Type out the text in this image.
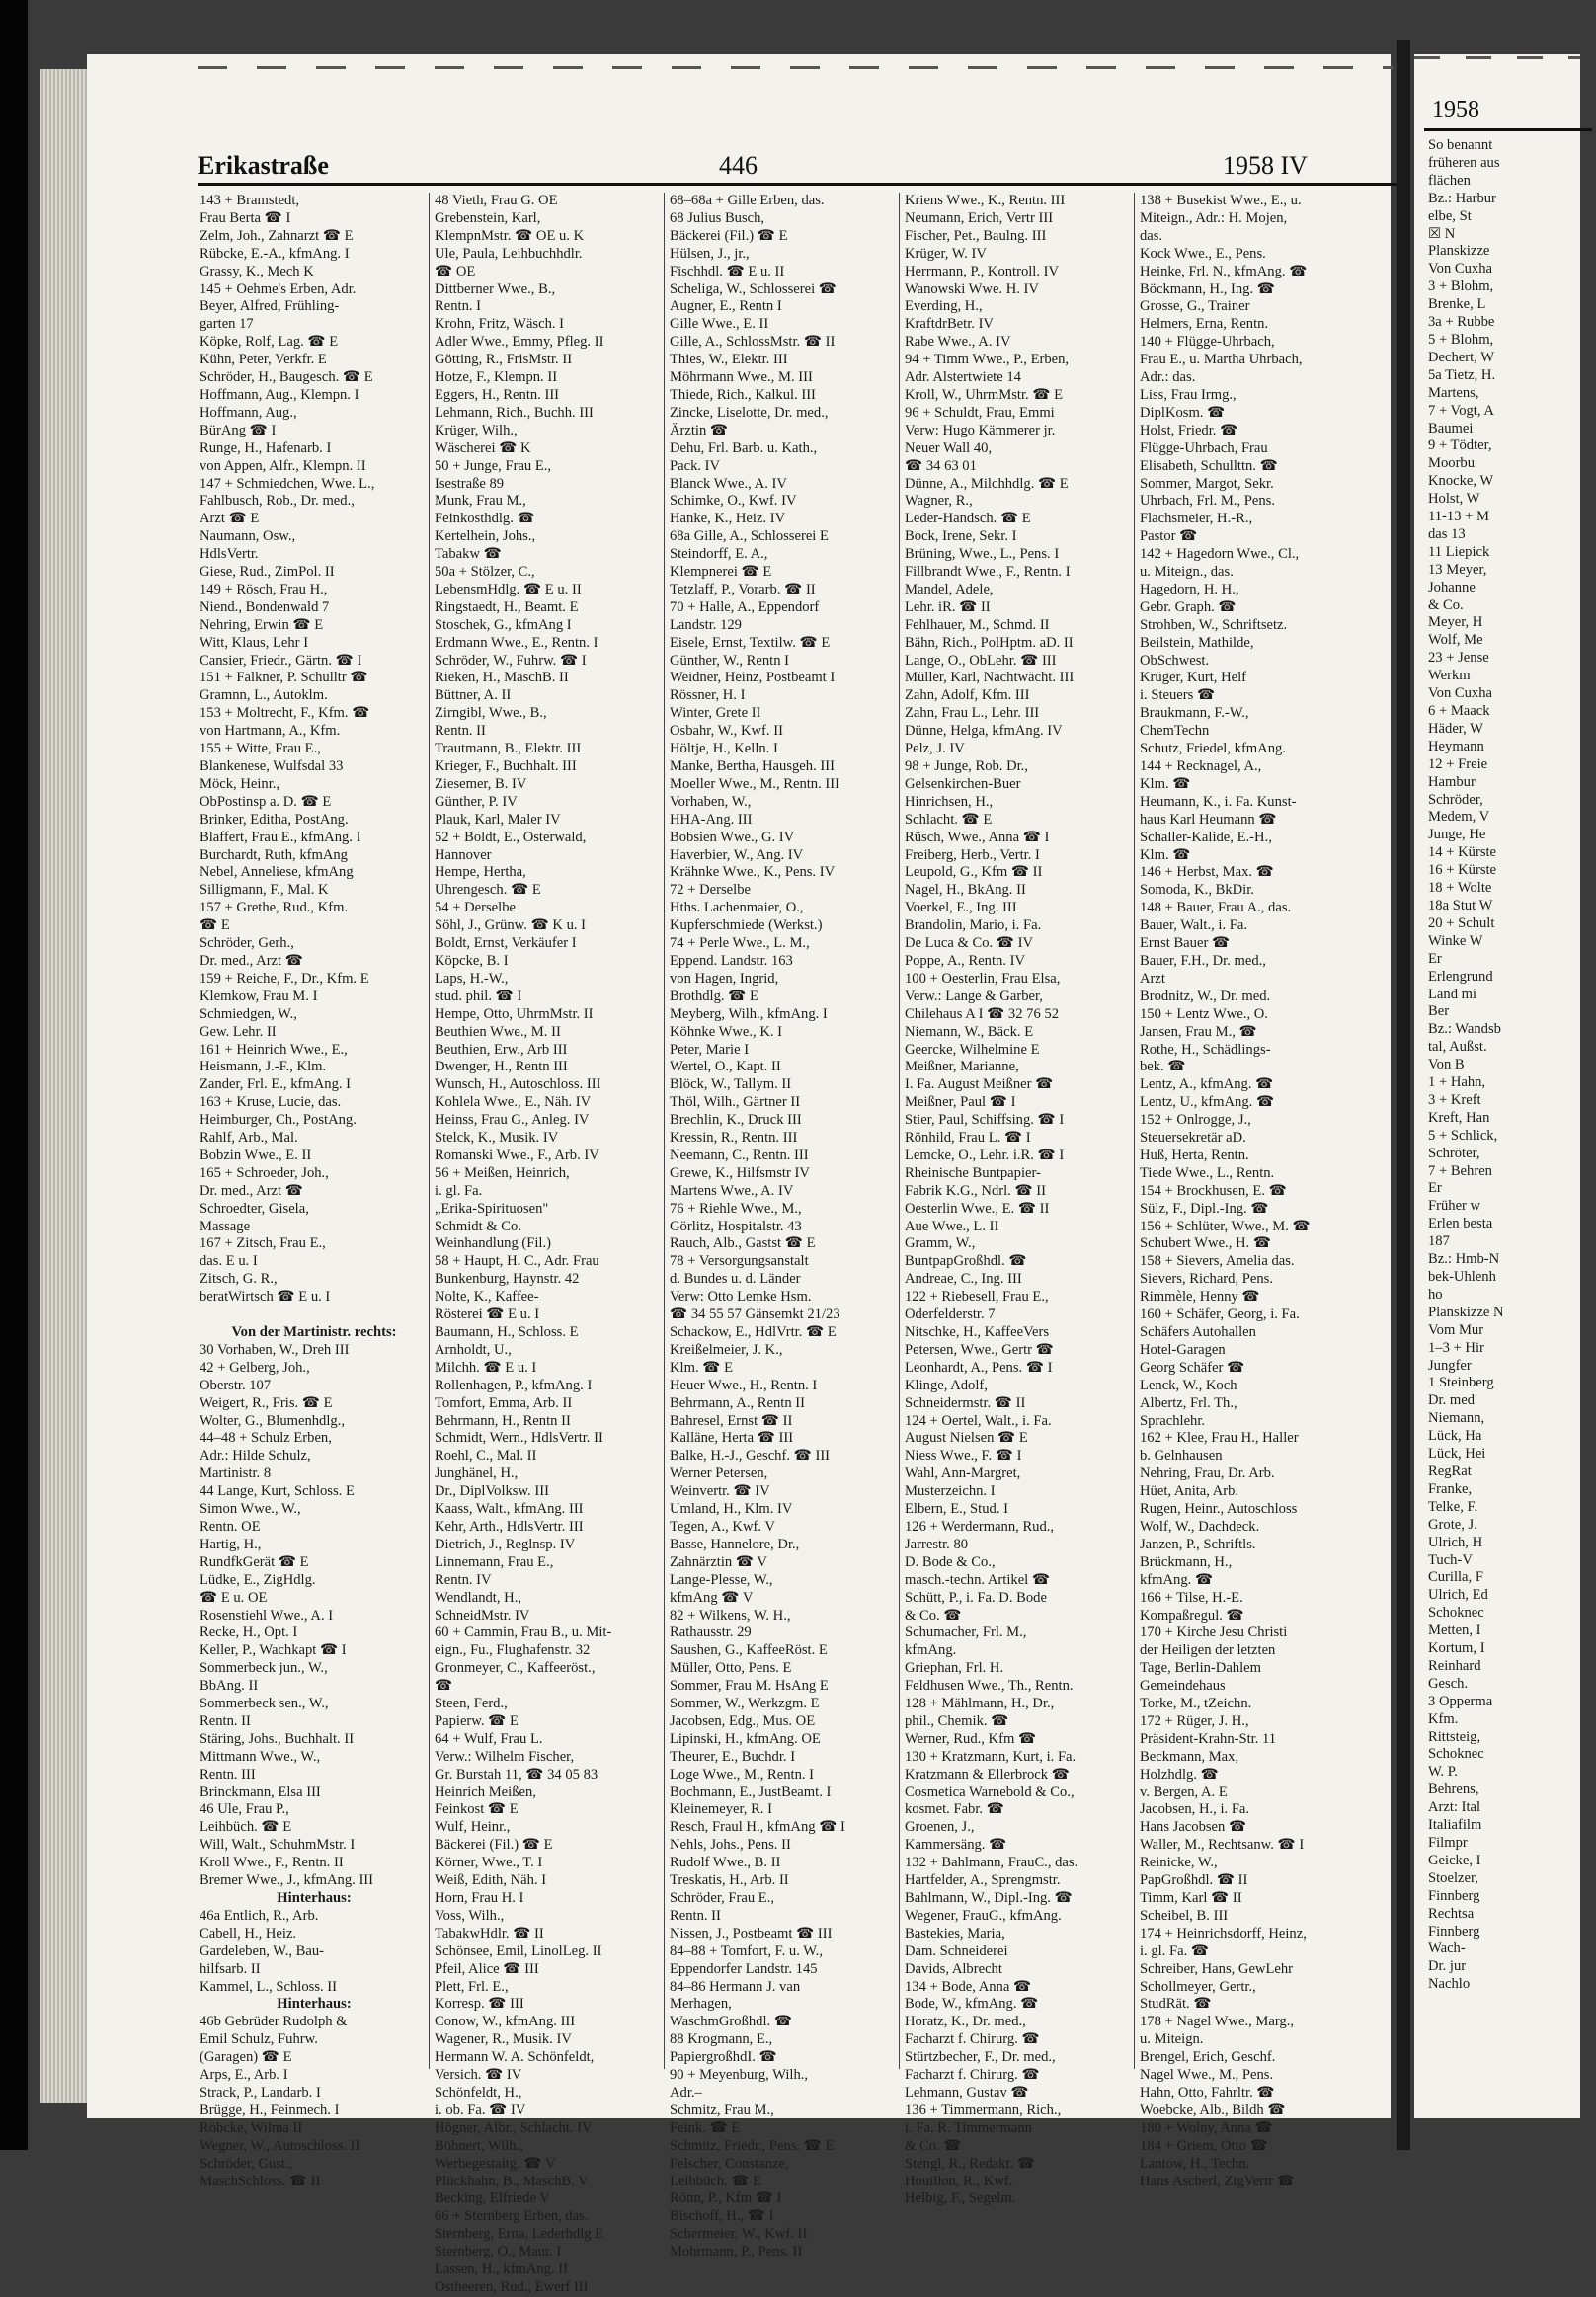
Erikastraße	446	1958 IV
143 + Bramstedt,
Frau Berta ☎ I
Zelm, Joh., Zahnarzt ☎ E
Rübcke, E.-A., kfmAng. I
Grassy, K., Mech K
145 + Oehme's Erben, Adr.
Beyer, Alfred, Frühling-
garten 17
Köpke, Rolf, Lag. ☎ E
Kühn, Peter, Verkfr. E
Schröder, H., Baugesch. ☎ E
Hoffmann, Aug., Klempn. I
Hoffmann, Aug.,
BürAng ☎ I
Runge, H., Hafenarb. I
von Appen, Alfr., Klempn. II
147 + Schmiedchen, Wwe. L.,
Fahlbusch, Rob., Dr. med.,
Arzt ☎ E
Naumann, Osw.,
HdlsVertr.
Giese, Rud., ZimPol. II
149 + Rösch, Frau H.,
Niend., Bondenwald 7
Nehring, Erwin ☎ E
Witt, Klaus, Lehr I
Cansier, Friedr., Gärtn. ☎ I
151 + Falkner, P. Schulltr ☎
Gramnn, L., Autoklm.
153 + Moltrecht, F., Kfm. ☎
von Hartmann, A., Kfm.
155 + Witte, Frau E.,
Blankenese, Wulfsdal 33
Möck, Heinr.,
ObPostinsp a. D. ☎ E
Brinker, Editha, PostAng.
Blaffert, Frau E., kfmAng. I
Burchardt, Ruth, kfmAng
Nebel, Anneliese, kfmAng
Silligmann, F., Mal. K
157 + Grethe, Rud., Kfm.
☎ E
Schröder, Gerh.,
Dr. med., Arzt ☎
159 + Reiche, F., Dr., Kfm. E
Klemkow, Frau M. I
Schmiedgen, W.,
Gew. Lehr. II
161 + Heinrich Wwe., E.,
Heismann, J.-F., Klm.
Zander, Frl. E., kfmAng. I
163 + Kruse, Lucie, das.
Heimburger, Ch., PostAng.
Rahlf, Arb., Mal.
Bobzin Wwe., E. II
165 + Schroeder, Joh.,
Dr. med., Arzt ☎
Schroedter, Gisela,
Massage
167 + Zitsch, Frau E.,
das. E u. I
Zitsch, G. R.,
beratWirtsch ☎ E u. I

Von der Martinistr. rechts:
30 Vorhaben, W., Dreh III
42 + Gelberg, Joh.,
Oberstr. 107
Weigert, R., Fris. ☎ E
Wolter, G., Blumenhdlg.,
44–48 + Schulz Erben,
Adr.: Hilde Schulz,
Martinistr. 8
44 Lange, Kurt, Schloss. E
Simon Wwe., W.,
Rentn. OE
Hartig, H.,
RundfkGerät ☎ E
Lüdke, E., ZigHdlg.
☎ E u. OE
Rosenstiehl Wwe., A. I
Recke, H., Opt. I
Keller, P., Wachkapt ☎ I
Sommerbeck jun., W.,
BbAng. II
Sommerbeck sen., W.,
Rentn. II
Stäring, Johs., Buchhalt. II
Mittmann Wwe., W.,
Rentn. III
Brinckmann, Elsa III
46 Ule, Frau P.,
Leihbüch. ☎ E
Will, Walt., SchuhmMstr. I
Kroll Wwe., F., Rentn. II
Bremer Wwe., J., kfmAng. III
Hinterhaus:
46a Entlich, R., Arb.
Cabell, H., Heiz.
Gardeleben, W., Bau-
hilfsarb. II
Kammel, L., Schloss. II
Hinterhaus:
46b Gebrüder Rudolph &
Emil Schulz, Fuhrw.
(Garagen) ☎ E
Arps, E., Arb. I
Strack, P., Landarb. I
Brügge, H., Feinmech. I
Röbcke, Wilma II
Wegner, W., Autoschloss. II
Schröder, Gust.,
MaschSchloss. ☎ II
48 Vieth, Frau G. OE
Grebenstein, Karl,
KlempnMstr. ☎ OE u. K
Ule, Paula, Leihbuchhdlr.
☎ OE
Dittberner Wwe., B.,
Rentn. I
Krohn, Fritz, Wäsch. I
Adler Wwe., Emmy, Pfleg. II
Götting, R., FrisMstr. II
Hotze, F., Klempn. II
Eggers, H., Rentn. III
Lehmann, Rich., Buchh. III
Krüger, Wilh.,
Wäscherei ☎ K
50 + Junge, Frau E.,
Isestraße 89
Munk, Frau M.,
Feinkosthdlg. ☎
Kertelhein, Johs.,
Tabakw ☎
50a + Stölzer, C.,
LebensmHdlg. ☎ E u. II
Ringstaedt, H., Beamt. E
Stoschek, G., kfmAng I
Erdmann Wwe., E., Rentn. I
Schröder, W., Fuhrw. ☎ I
Rieken, H., MaschB. II
Büttner, A. II
Zirngibl, Wwe., B.,
Rentn. II
Trautmann, B., Elektr. III
Krieger, F., Buchhalt. III
Ziesemer, B. IV
Günther, P. IV
Plauk, Karl, Maler IV
52 + Boldt, E., Osterwald,
Hannover
Hempe, Hertha,
Uhrengesch. ☎ E
54 + Derselbe
Söhl, J., Grünw. ☎ K u. I
Boldt, Ernst, Verkäufer I
Köpcke, B. I
Laps, H.-W.,
stud. phil. ☎ I
Hempe, Otto, UhrmMstr. II
Beuthien Wwe., M. II
Beuthien, Erw., Arb III
Dwenger, H., Rentn III
Wunsch, H., Autoschloss. III
Kohlela Wwe., E., Näh. IV
Heinss, Frau G., Anleg. IV
Stelck, K., Musik. IV
Romanski Wwe., F., Arb. IV
56 + Meißen, Heinrich,
i. gl. Fa.
„Erika-Spirituosen"
Schmidt & Co.
Weinhandlung (Fil.)
58 + Haupt, H. C., Adr. Frau
Bunkenburg, Haynstr. 42
Nolte, K., Kaffee-
Rösterei ☎ E u. I
Baumann, H., Schloss. E
Arnholdt, U.,
Milchh. ☎ E u. I
Rollenhagen, P., kfmAng. I
Tomfort, Emma, Arb. II
Behrmann, H., Rentn II
Schmidt, Wern., HdlsVertr. II
Roehl, C., Mal. II
Junghänel, H.,
Dr., DiplVolksw. III
Kaass, Walt., kfmAng. III
Kehr, Arth., HdlsVertr. III
Dietrich, J., Reglnsp. IV
Linnemann, Frau E.,
Rentn. IV
Wendlandt, H.,
SchneidMstr. IV
60 + Cammin, Frau B., u. Mit-
eign., Fu., Flughafenstr. 32
Gronmeyer, C., Kaffeeröst.,
☎
Steen, Ferd.,
Papierw. ☎ E
64 + Wulf, Frau L.
Verw.: Wilhelm Fischer,
Gr. Burstah 11, ☎ 34 05 83
Heinrich Meißen,
Feinkost ☎ E
Wulf, Heinr.,
Bäckerei (Fil.) ☎ E
Körner, Wwe., T. I
Weiß, Edith, Näh. I
Horn, Frau H. I
Voss, Wilh.,
TabakwHdlr. ☎ II
Schönsee, Emil, LinolLeg. II
Pfeil, Alice ☎ III
Plett, Frl. E.,
Korresp. ☎ III
Conow, W., kfmAng. III
Wagener, R., Musik. IV
Hermann W. A. Schönfeldt,
Versich. ☎ IV
Schönfeldt, H.,
i. ob. Fa. ☎ IV
Högner, Albr., Schlacht. IV
Böhnert, Wilh.,
Werbegestaltg. ☎ V
Plückhahn, B., MaschB. V
Becking, Elfriede V
66 + Sternberg Erben, das.
Sternberg, Erna, Lederhdlg E
Sternberg, O., Maur. I
Lassen, H., kfmAng. II
Ostheeren, Rud., Ewerf III
68–68a + Gille Erben, das.
68 Julius Busch,
Bäckerei (Fil.) ☎ E
Hülsen, J., jr.,
Fischhdl. ☎ E u. II
Scheliga, W., Schlosserei ☎
Augner, E., Rentn I
Gille Wwe., E. II
Gille, A., SchlossMstr. ☎ II
Thies, W., Elektr. III
Möhrmann Wwe., M. III
Thiede, Rich., Kalkul. III
Zincke, Liselotte, Dr. med.,
Ärztin ☎
Dehu, Frl. Barb. u. Kath.,
Pack. IV
Blanck Wwe., A. IV
Schimke, O., Kwf. IV
Hanke, K., Heiz. IV
68a Gille, A., Schlosserei E
Steindorff, E. A.,
Klempnerei ☎ E
Tetzlaff, P., Vorarb. ☎ II
70 + Halle, A., Eppendorf
Landstr. 129
Eisele, Ernst, Textilw. ☎ E
Günther, W., Rentn I
Weidner, Heinz, Postbeamt I
Rössner, H. I
Winter, Grete II
Osbahr, W., Kwf. II
Höltje, H., Kelln. I
Manke, Bertha, Hausgeh. III
Moeller Wwe., M., Rentn. III
Vorhaben, W.,
HHA-Ang. III
Bobsien Wwe., G. IV
Haverbier, W., Ang. IV
Krähnke Wwe., K., Pens. IV
72 + Derselbe
Hths. Lachenmaier, O.,
Kupferschmiede (Werkst.)
74 + Perle Wwe., L. M.,
Eppend. Landstr. 163
von Hagen, Ingrid,
Brothdlg. ☎ E
Meyberg, Wilh., kfmAng. I
Köhnke Wwe., K. I
Peter, Marie I
Wertel, O., Kapt. II
Blöck, W., Tallym. II
Thöl, Wilh., Gärtner II
Brechlin, K., Druck III
Kressin, R., Rentn. III
Neemann, C., Rentn. III
Grewe, K., Hilfsmstr IV
Martens Wwe., A. IV
76 + Riehle Wwe., M.,
Görlitz, Hospitalstr. 43
Rauch, Alb., Gastst ☎ E
78 + Versorgungsanstalt
d. Bundes u. d. Länder
Verw: Otto Lemke Hsm.
☎ 34 55 57 Gänsemkt 21/23
Schackow, E., HdlVrtr. ☎ E
Kreißelmeier, J. K.,
Klm. ☎ E
Heuer Wwe., H., Rentn. I
Behrmann, A., Rentn II
Bahresel, Ernst ☎ II
Kalläne, Herta ☎ III
Balke, H.-J., Geschf. ☎ III
Werner Petersen,
Weinvertr. ☎ IV
Umland, H., Klm. IV
Tegen, A., Kwf. V
Basse, Hannelore, Dr.,
Zahnärztin ☎ V
Lange-Plesse, W.,
kfmAng ☎ V
82 + Wilkens, W. H.,
Rathausstr. 29
Saushen, G., KaffeeRöst. E
Müller, Otto, Pens. E
Sommer, Frau M. HsAng E
Sommer, W., Werkzgm. E
Jacobsen, Edg., Mus. OE
Lipinski, H., kfmAng. OE
Theurer, E., Buchdr. I
Loge Wwe., M., Rentn. I
Bochmann, E., JustBeamt. I
Kleinemeyer, R. I
Resch, Fraul H., kfmAng ☎ I
Nehls, Johs., Pens. II
Rudolf Wwe., B. II
Treskatis, H., Arb. II
Schröder, Frau E.,
Rentn. II
Nissen, J., Postbeamt ☎ III
84–88 + Tomfort, F. u. W.,
Eppendorfer Landstr. 145
84–86 Hermann J. van
Merhagen,
WaschmGroßhdl. ☎
88 Krogmann, E.,
PapiergroßhdI. ☎
90 + Meyenburg, Wilh.,
Adr.–
Schmitz, Frau M.,
Feink. ☎ E
Schmitz, Friedr., Pens. ☎ E
Felscher, Constanze,
Leihbüch. ☎ E
Rönn, P., Kfm ☎ I
Bischoff, H., ☎ I
Schermeier, W., Kwf. II
Mohrmann, P., Pens. II
Kriens Wwe., K., Rentn. III
Neumann, Erich, Vertr III
Fischer, Pet., Baulng. III
Krüger, W. IV
Herrmann, P., Kontroll. IV
Wanowski Wwe. H. IV
Everding, H.,
KraftdrBetr. IV
Rabe Wwe., A. IV
94 + Timm Wwe., P., Erben,
Adr. Alstertwiete 14
Kroll, W., UhrmMstr. ☎ E
96 + Schuldt, Frau, Emmi
Verw: Hugo Kämmerer jr.
Neuer Wall 40,
☎ 34 63 01
Dünne, A., Milchhdlg. ☎ E
Wagner, R.,
Leder-Handsch. ☎ E
Bock, Irene, Sekr. I
Brüning, Wwe., L., Pens. I
Fillbrandt Wwe., F., Rentn. I
Mandel, Adele,
Lehr. iR. ☎ II
Fehlhauer, M., Schmd. II
Bähn, Rich., PolHptm. aD. II
Lange, O., ObLehr. ☎ III
Müller, Karl, Nachtwächt. III
Zahn, Adolf, Kfm. III
Zahn, Frau L., Lehr. III
Dünne, Helga, kfmAng. IV
Pelz, J. IV
98 + Junge, Rob. Dr.,
Gelsenkirchen-Buer
Hinrichsen, H.,
Schlacht. ☎ E
Rüsch, Wwe., Anna ☎ I
Freiberg, Herb., Vertr. I
Leupold, G., Kfm ☎ II
Nagel, H., BkAng. II
Voerkel, E., Ing. III
Brandolin, Mario, i. Fa.
De Luca & Co. ☎ IV
Poppe, A., Rentn. IV
100 + Oesterlin, Frau Elsa,
Verw.: Lange & Garber,
Chilehaus A I ☎ 32 76 52
Niemann, W., Bäck. E
Geercke, Wilhelmine E
Meißner, Marianne,
I. Fa. August Meißner ☎
Meißner, Paul ☎ I
Stier, Paul, Schiffsing. ☎ I
Rönhild, Frau L. ☎ I
Lemcke, O., Lehr. i.R. ☎ I
Rheinische Buntpapier-
Fabrik K.G., Ndrl. ☎ II
Oesterlin Wwe., E. ☎ II
Aue Wwe., L. II
Gramm, W.,
BuntpapGroßhdl. ☎
Andreae, C., Ing. III
122 + Riebesell, Frau E.,
Oderfelderstr. 7
Nitschke, H., KaffeeVers
Petersen, Wwe., Gertr ☎
Leonhardt, A., Pens. ☎ I
Klinge, Adolf,
Schneidermstr. ☎ II
124 + Oertel, Walt., i. Fa.
August Nielsen ☎ E
Niess Wwe., F. ☎ I
Wahl, Ann-Margret,
Musterzeichn. I
Elbern, E., Stud. I
126 + Werdermann, Rud.,
Jarrestr. 80
D. Bode & Co.,
masch.-techn. Artikel ☎
Schütt, P., i. Fa. D. Bode
& Co. ☎
Schumacher, Frl. M.,
kfmAng.
Griephan, Frl. H.
Feldhusen Wwe., Th., Rentn.
128 + Mählmann, H., Dr.,
phil., Chemik. ☎
Werner, Rud., Kfm ☎
130 + Kratzmann, Kurt, i. Fa.
Kratzmann & Ellerbrock ☎
Cosmetica Warnebold & Co.,
kosmet. Fabr. ☎
Groenen, J.,
Kammersäng. ☎
132 + Bahlmann, FrauC., das.
Hartfelder, A., Sprengmstr.
Bahlmann, W., Dipl.-Ing. ☎
Wegener, FrauG., kfmAng.
Bastekies, Maria,
Dam. Schneiderei
Davids, Albrecht
134 + Bode, Anna ☎
Bode, W., kfmAng. ☎
Horatz, K., Dr. med.,
Facharzt f. Chirurg. ☎
Stürtzbecher, F., Dr. med.,
Facharzt f. Chirurg. ☎
Lehmann, Gustav ☎
136 + Timmermann, Rich.,
i. Fa. R. Timmermann
& Co. ☎
Stengl, R., Redakt. ☎
Houillon, R., Kwf.
Helbig, F., Segelm.
138 + Busekist Wwe., E., u.
Miteign., Adr.: H. Mojen,
das.
Kock Wwe., E., Pens.
Heinke, Frl. N., kfmAng. ☎
Böckmann, H., Ing. ☎
Grosse, G., Trainer
Helmers, Erna, Rentn.
140 + Flügge-Uhrbach,
Frau E., u. Martha Uhrbach,
Adr.: das.
Liss, Frau Irmg.,
DiplKosm. ☎
Holst, Friedr. ☎
Flügge-Uhrbach, Frau
Elisabeth, Schullttn. ☎
Sommer, Margot, Sekr.
Uhrbach, Frl. M., Pens.
Flachsmeier, H.-R.,
Pastor ☎
142 + Hagedorn Wwe., Cl.,
u. Miteign., das.
Hagedorn, H. H.,
Gebr. Graph. ☎
Strohben, W., Schriftsetz.
Beilstein, Mathilde,
ObSchwest.
Krüger, Kurt, Helf
i. Steuers ☎
Braukmann, F.-W.,
ChemTechn
Schutz, Friedel, kfmAng.
144 + Recknagel, A.,
Klm. ☎
Heumann, K., i. Fa. Kunst-
haus Karl Heumann ☎
Schaller-Kalide, E.-H.,
Klm. ☎
146 + Herbst, Max. ☎
Somoda, K., BkDir.
148 + Bauer, Frau A., das.
Bauer, Walt., i. Fa.
Ernst Bauer ☎
Bauer, F.H., Dr. med.,
Arzt
Brodnitz, W., Dr. med.
150 + Lentz Wwe., O.
Jansen, Frau M., ☎
Rothe, H., Schädlings-
bek. ☎
Lentz, A., kfmAng. ☎
Lentz, U., kfmAng. ☎
152 + Onlrogge, J.,
Steuersekretär aD.
Huß, Herta, Rentn.
Tiede Wwe., L., Rentn.
154 + Brockhusen, E. ☎
Sülz, F., Dipl.-Ing. ☎
156 + Schlüter, Wwe., M. ☎
Schubert Wwe., H. ☎
158 + Sievers, Amelia das.
Sievers, Richard, Pens.
Rimmèle, Henny ☎
160 + Schäfer, Georg, i. Fa.
Schäfers Autohallen
Hotel-Garagen
Georg Schäfer ☎
Lenck, W., Koch
Albertz, Frl. Th.,
Sprachlehr.
162 + Klee, Frau H., Haller
b. Gelnhausen
Nehring, Frau, Dr. Arb.
Hüet, Anita, Arb.
Rugen, Heinr., Autoschloss
Wolf, W., Dachdeck.
Janzen, P., Schriftls.
Brückmann, H.,
kfmAng. ☎
166 + Tilse, H.-E.
Kompaßregul. ☎
170 + Kirche Jesu Christi
der Heiligen der letzten
Tage, Berlin-Dahlem
Gemeindehaus
Torke, M., tZeichn.
172 + Rüger, J. H.,
Präsident-Krahn-Str. 11
Beckmann, Max,
Holzhdlg. ☎
v. Bergen, A. E
Jacobsen, H., i. Fa.
Hans Jacobsen ☎
Waller, M., Rechtsanw. ☎ I
Reinicke, W.,
PapGroßhdl. ☎ II
Timm, Karl ☎ II
Scheibel, B. III
174 + Heinrichsdorff, Heinz,
i. gl. Fa. ☎
Schreiber, Hans, GewLehr
Schollmeyer, Gertr.,
StudRät. ☎
178 + Nagel Wwe., Marg.,
u. Miteign.
Brengel, Erich, Geschf.
Nagel Wwe., M., Pens.
Hahn, Otto, Fahrltr. ☎
Woebcke, Alb., Bildh ☎
180 + Wolny, Anna ☎
184 + Griem, Otto ☎
Lantow, H., Techn.
Hans Ascherl, ZigVertr ☎
1958
So benannt
früheren aus
flächen
Bz.: Harbur
elbe, St
☒ N
Planskizze
Von Cuxha
3 + Blohm,
Brenke, L
3a + Rubbe
5 + Blohm,
Dechert, W
5a Tietz, H.
Martens,
7 + Vogt, A
Baumei
9 + Tödter,
Moorbu
Knocke, W
Holst, W
11-13 + M
das 13
11 Liepick
13 Meyer,
Johanne
& Co.
Meyer, H
Wolf, Me
23 + Jense
Werkm
Von Cuxha
6 + Maack
Häder, W
Heymann
12 + Freie
Hambur
Schröder,
Medem, V
Junge, He
14 + Kürste
16 + Kürste
18 + Wolte
18a Stut W
20 + Schult
Winke W
Er
Erlengrund
Land mi
Ber
Bz.: Wandsb
tal, Außst.
Von B
1 + Hahn,
3 + Kreft
Kreft, Han
5 + Schlick,
Schröter,
7 + Behren
Er
Früher w
Erlen besta
187
Bz.: Hmb-N
bek-Uhlenh
ho
Planskizze N
Vom Mur
1–3 + Hir
Jungfer
1 Steinberg
Dr. med
Niemann,
Lück, Ha
Lück, Hei
RegRat
Franke,
Telke, F.
Grote, J.
Ulrich, H
Tuch-V
Curilla, F
Ulrich, Ed
Schoknec
Metten, I
Kortum, I
Reinhard
Gesch.
3 Opperma
Kfm.
Rittsteig,
Schoknec
W. P.
Behrens,
Arzt: Ital
Italiafilm
Filmpr
Geicke, I
Stoelzer,
Finnberg
Rechtsa
Finnberg
Wach-
Dr. jur
Nachlo
